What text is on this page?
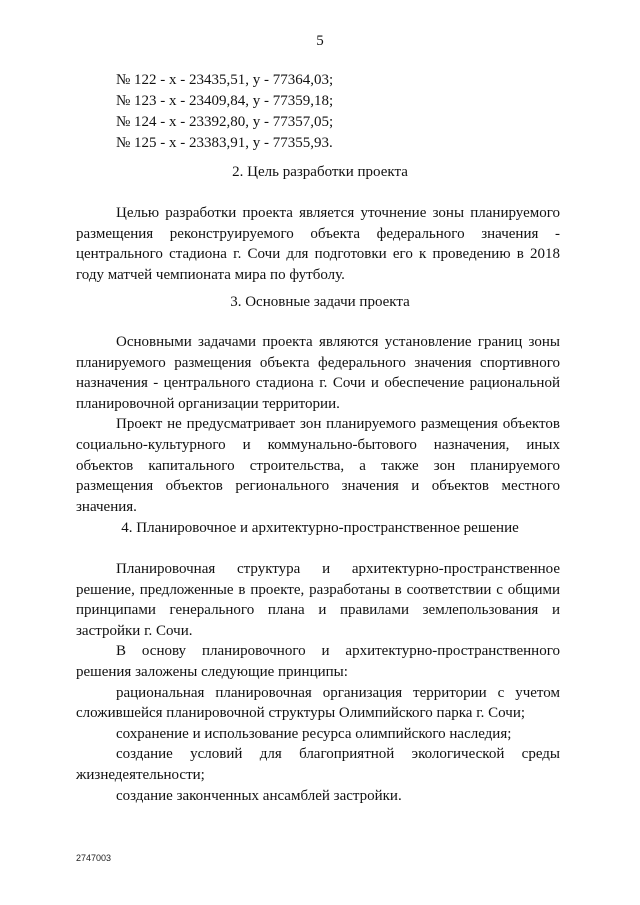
5
№ 122 - х - 23435,51, у - 77364,03;
№ 123 - х - 23409,84, у - 77359,18;
№ 124 - х - 23392,80, у - 77357,05;
№ 125 - х - 23383,91, у - 77355,93.
2. Цель разработки проекта
Целью разработки проекта является уточнение зоны планируемого размещения реконструируемого объекта федерального значения - центрального стадиона г. Сочи для подготовки его к проведению в 2018 году матчей чемпионата мира по футболу.
3. Основные задачи проекта
Основными задачами проекта являются установление границ зоны планируемого размещения объекта федерального значения спортивного назначения - центрального стадиона г. Сочи и обеспечение рациональной планировочной организации территории.
Проект не предусматривает зон планируемого размещения объектов социально-культурного и коммунально-бытового назначения, иных объектов капитального строительства, а также зон планируемого размещения объектов регионального значения и объектов местного значения.
4. Планировочное и архитектурно-пространственное решение
Планировочная структура и архитектурно-пространственное решение, предложенные в проекте, разработаны в соответствии с общими принципами генерального плана и правилами землепользования и застройки г. Сочи.
В основу планировочного и архитектурно-пространственного решения заложены следующие принципы:
рациональная планировочная организация территории с учетом сложившейся планировочной структуры Олимпийского парка г. Сочи;
сохранение и использование ресурса олимпийского наследия;
создание условий для благоприятной экологической среды жизнедеятельности;
создание законченных ансамблей застройки.
2747003
